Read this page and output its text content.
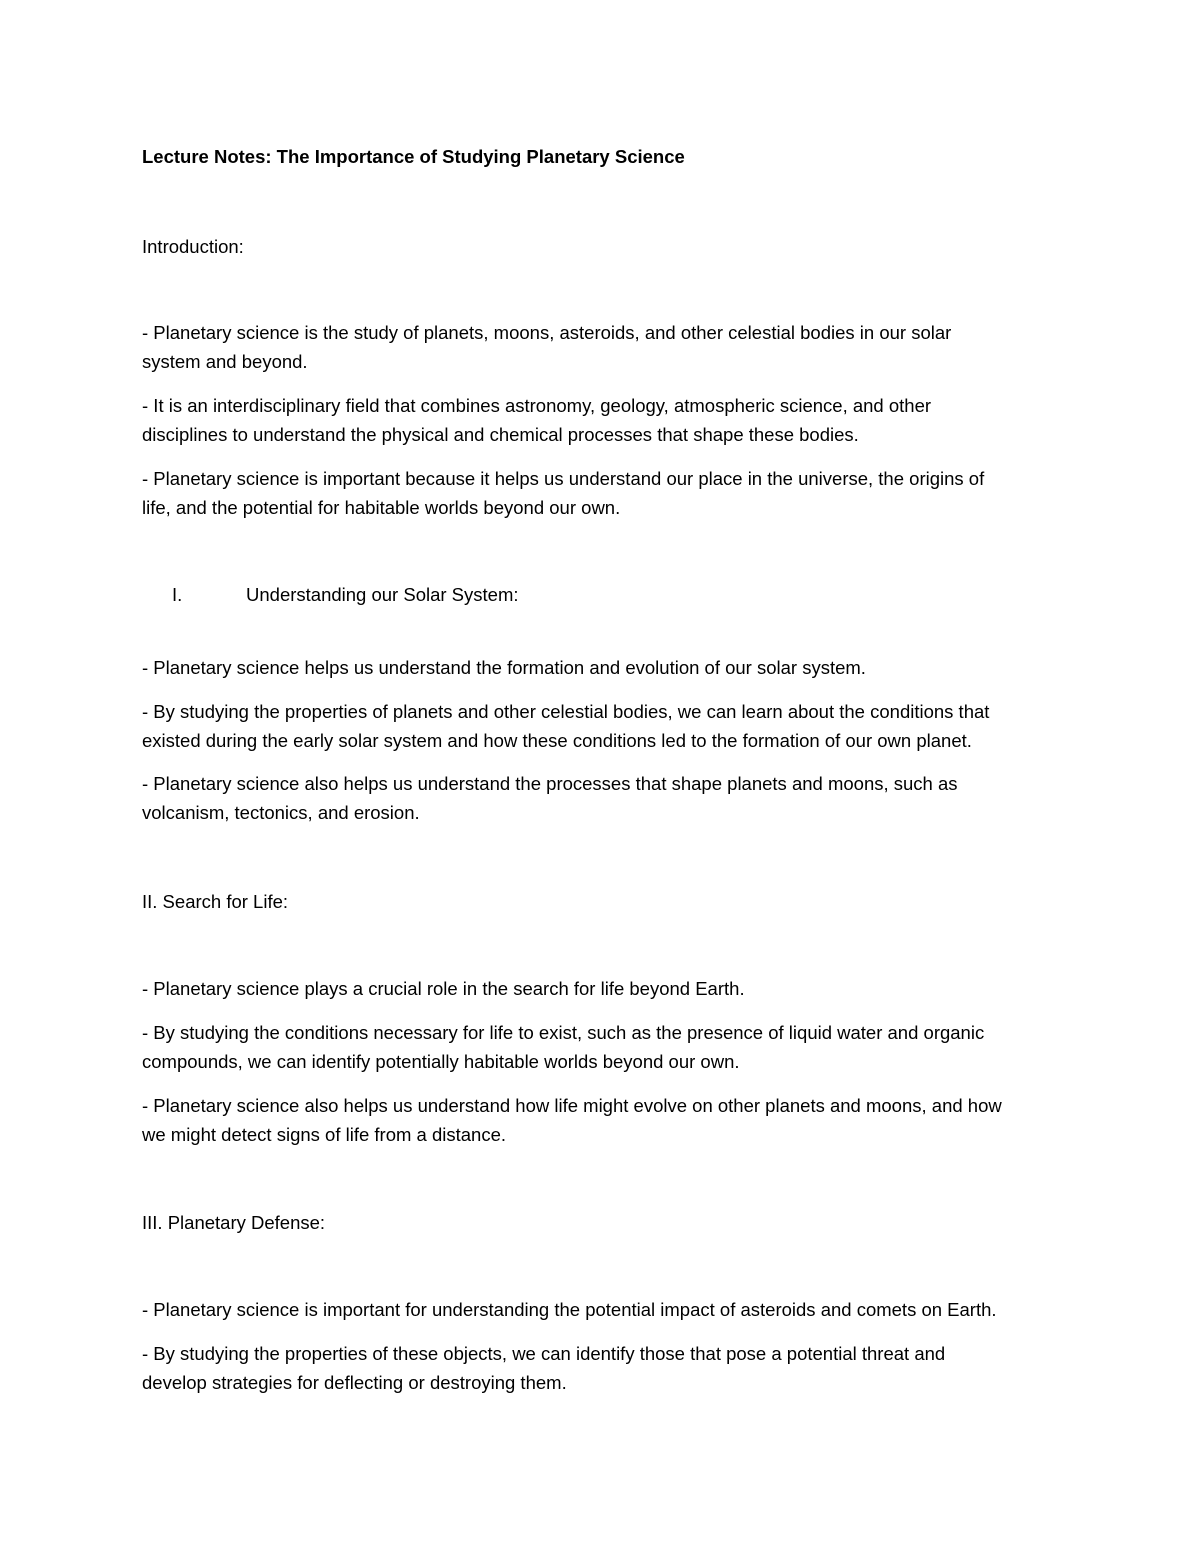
Lecture Notes: The Importance of Studying Planetary Science
Introduction:
- Planetary science is the study of planets, moons, asteroids, and other celestial bodies in our solar
system and beyond.
- It is an interdisciplinary field that combines astronomy, geology, atmospheric science, and other
disciplines to understand the physical and chemical processes that shape these bodies.
- Planetary science is important because it helps us understand our place in the universe, the origins of
life, and the potential for habitable worlds beyond our own.
I.	Understanding our Solar System:
- Planetary science helps us understand the formation and evolution of our solar system.
- By studying the properties of planets and other celestial bodies, we can learn about the conditions that
existed during the early solar system and how these conditions led to the formation of our own planet.
- Planetary science also helps us understand the processes that shape planets and moons, such as
volcanism, tectonics, and erosion.
II. Search for Life:
- Planetary science plays a crucial role in the search for life beyond Earth.
- By studying the conditions necessary for life to exist, such as the presence of liquid water and organic
compounds, we can identify potentially habitable worlds beyond our own.
- Planetary science also helps us understand how life might evolve on other planets and moons, and how
we might detect signs of life from a distance.
III. Planetary Defense:
- Planetary science is important for understanding the potential impact of asteroids and comets on Earth.
- By studying the properties of these objects, we can identify those that pose a potential threat and
develop strategies for deflecting or destroying them.
